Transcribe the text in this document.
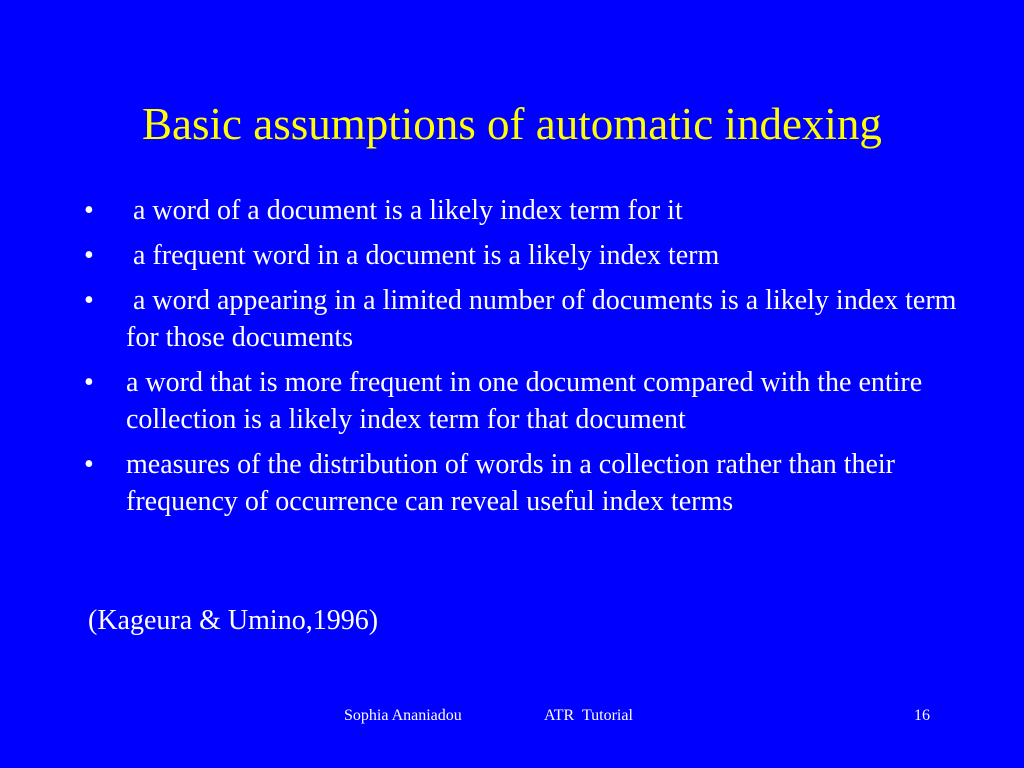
Basic assumptions of automatic indexing
•	a word of a document is a likely index term for it
•	a frequent word in a document is a likely index term
•	a word appearing in a limited number of documents is a likely index term for those documents
•	a word that is more frequent in one document compared with the entire collection is a likely index term for that document
•	measures of the distribution of words in a collection rather than their frequency of occurrence can reveal useful index terms
(Kageura & Umino,1996)
Sophia Ananiadou	ATR  Tutorial	16
